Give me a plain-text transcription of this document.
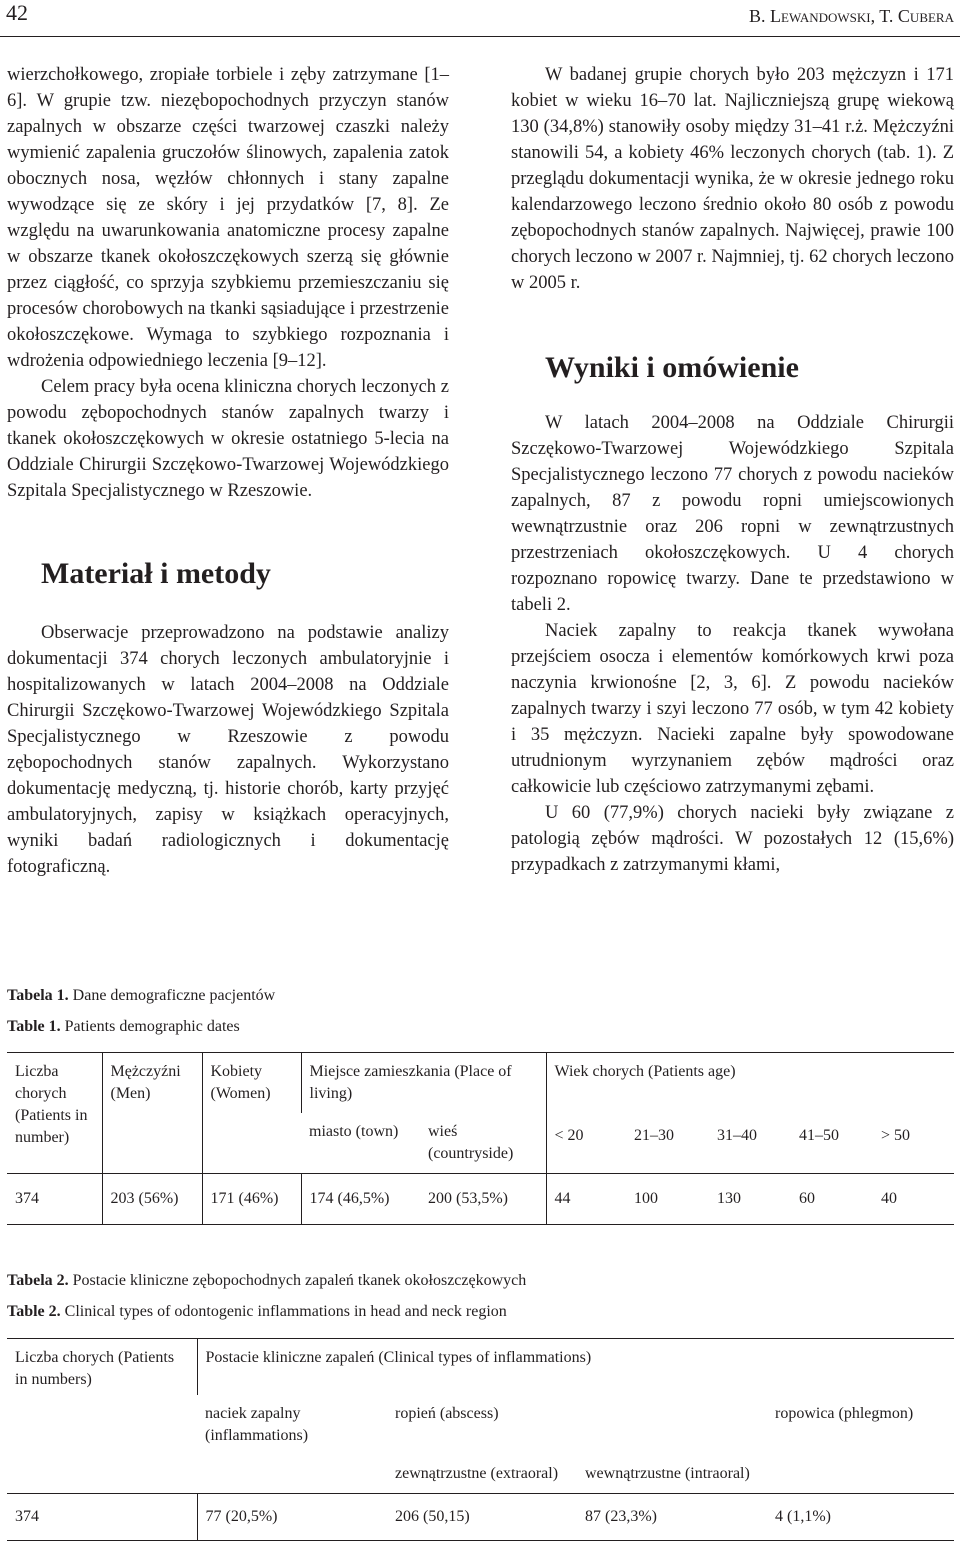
42	B. Lewandowski, T. Cubera

wierzchołkowego, zropiałe torbiele i zęby zatrzymane [1–6]. W grupie tzw. niezębopochodnych przyczyn stanów zapalnych w obszarze części twarzowej czaszki należy wymienić zapalenia gruczołów ślinowych, zapalenia zatok obocznych nosa, węzłów chłonnych i stany zapalne wywodzące się ze skóry i jej przydatków [7, 8]. Ze względu na uwarunkowania anatomiczne procesy zapalne w obszarze tkanek okołoszczękowych szerzą się głównie przez ciągłość, co sprzyja szybkiemu przemieszczaniu się procesów chorobowych na tkanki sąsiadujące i przestrzenie okołoszczękowe. Wymaga to szybkiego rozpoznania i wdrożenia odpowiedniego leczenia [9–12].

Celem pracy była ocena kliniczna chorych leczonych z powodu zębopochodnych stanów zapalnych twarzy i tkanek okołoszczękowych w okresie ostatniego 5-lecia na Oddziale Chirurgii Szczękowo-Twarzowej Wojewódzkiego Szpitala Specjalistycznego w Rzeszowie.

Materiał i metody

Obserwacje przeprowadzono na podstawie analizy dokumentacji 374 chorych leczonych ambulatoryjnie i hospitalizowanych w latach 2004–2008 na Oddziale Chirurgii Szczękowo-Twarzowej Wojewódzkiego Szpitala Specjalistycznego w Rzeszowie z powodu zębopochodnych stanów zapalnych. Wykorzystano dokumentację medyczną, tj. historie chorób, karty przyjęć ambulatoryjnych, zapisy w książkach operacyjnych, wyniki badań radiologicznych i dokumentację fotograficzną.

W badanej grupie chorych było 203 mężczyzn i 171 kobiet w wieku 16–70 lat. Najliczniejszą grupę wiekową 130 (34,8%) stanowiły osoby między 31–41 r.ż. Mężczyźni stanowili 54, a kobiety 46% leczonych chorych (tab. 1). Z przeglądu dokumentacji wynika, że w okresie jednego roku kalendarzowego leczono średnio około 80 osób z powodu zębopochodnych stanów zapalnych. Najwięcej, prawie 100 chorych leczono w 2007 r. Najmniej, tj. 62 chorych leczono w 2005 r.

Wyniki i omówienie

W latach 2004–2008 na Oddziale Chirurgii Szczękowo-Twarzowej Wojewódzkiego Szpitala Specjalistycznego leczono 77 chorych z powodu nacieków zapalnych, 87 z powodu ropni umiejscowionych wewnątrzustnie oraz 206 ropni w zewnątrzustnych przestrzeniach okołoszczękowych. U 4 chorych rozpoznano ropowicę twarzy. Dane te przedstawiono w tabeli 2.

Naciek zapalny to reakcja tkanek wywołana przejściem osocza i elementów komórkowych krwi poza naczynia krwionośne [2, 3, 6]. Z powodu nacieków zapalnych twarzy i szyi leczono 77 osób, w tym 42 kobiety i 35 mężczyzn. Nacieki zapalne były spowodowane utrudnionym wyrzynaniem zębów mądrości oraz całkowicie lub częściowo zatrzymanymi zębami.

U 60 (77,9%) chorych nacieki były związane z patologią zębów mądrości. W pozostałych 12 (15,6%) przypadkach z zatrzymanymi kłami,

Tabela 1. Dane demograficzne pacjentów
Table 1. Patients demographic dates
Liczba chorych (Patients in number)	Mężczyźni (Men)	Kobiety (Women)	Miejsce zamieszkania (Place of living)		Wiek chorych (Patients age)				
			miasto (town)	wieś (countryside)	< 20	21–30	31–40	41–50	> 50
374	203 (56%)	171 (46%)	174 (46,5%)	200 (53,5%)	44	100	130	60	40
Tabela 2. Postacie kliniczne zębopochodnych zapaleń tkanek okołoszczękowych
Table 2. Clinical types of odontogenic inflammations in head and neck region
Liczba chorych (Patients in numbers)	Postacie kliniczne zapaleń (Clinical types of inflammations)			
	naciek zapalny (inflammations)	ropień (abscess)		ropowica (phlegmon)
		zewnątrzustne (extraoral)	wewnątrzustne (intraoral)	
374	77 (20,5%)	206 (50,15)	87 (23,3%)	4 (1,1%)
